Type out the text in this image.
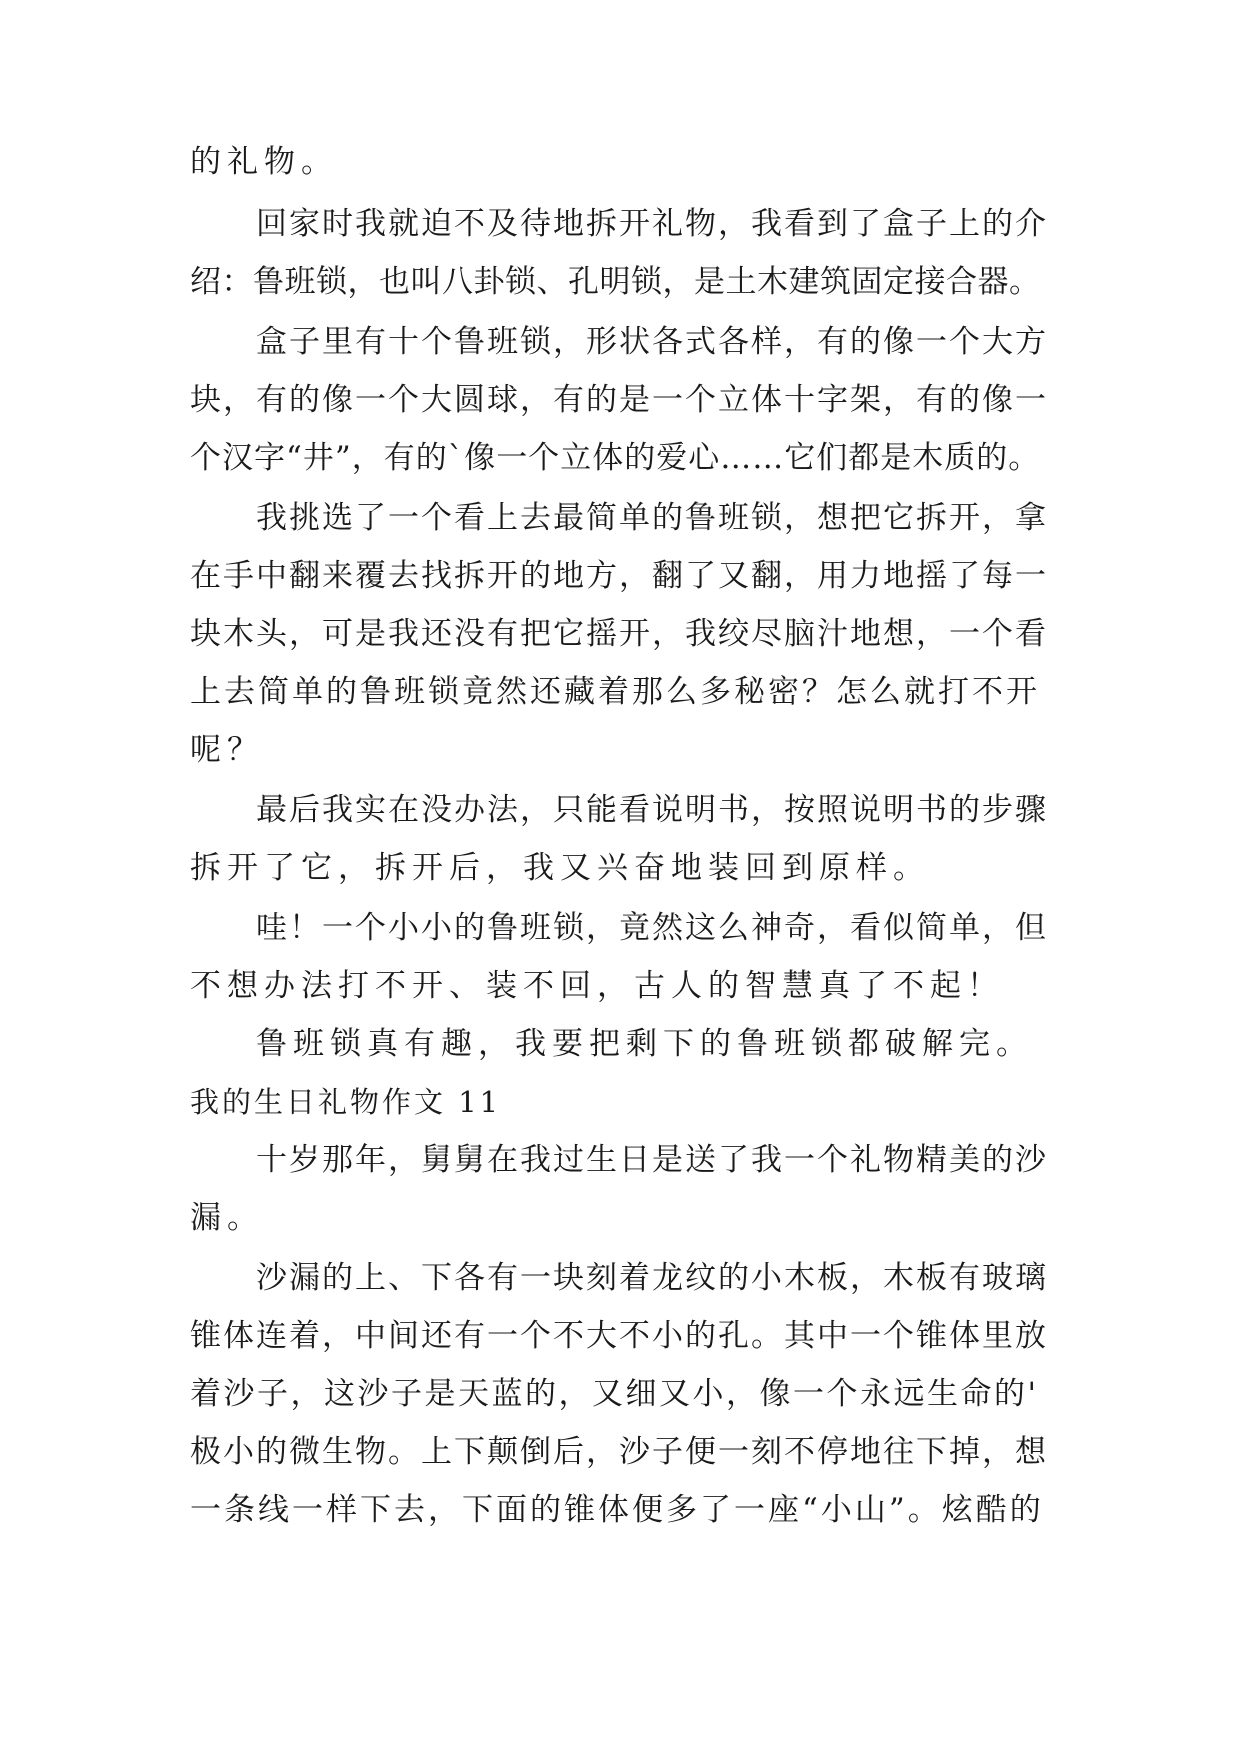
的礼物。
回家时我就迫不及待地拆开礼物，我看到了盒子上的介
绍：鲁班锁，也叫八卦锁、孔明锁，是土木建筑固定接合器。
盒子里有十个鲁班锁，形状各式各样，有的像一个大方
块，有的像一个大圆球，有的是一个立体十字架，有的像一
个汉字“井”，有的`像一个立体的爱心……它们都是木质的。
我挑选了一个看上去最简单的鲁班锁，想把它拆开，拿
在手中翻来覆去找拆开的地方，翻了又翻，用力地摇了每一
块木头，可是我还没有把它摇开，我绞尽脑汁地想，一个看
上去简单的鲁班锁竟然还藏着那么多秘密？怎么就打不开
呢？
最后我实在没办法，只能看说明书，按照说明书的步骤
拆开了它，拆开后，我又兴奋地装回到原样。
哇！一个小小的鲁班锁，竟然这么神奇，看似简单，但
不想办法打不开、装不回，古人的智慧真了不起！
鲁班锁真有趣，我要把剩下的鲁班锁都破解完。
我的生日礼物作文 11
十岁那年，舅舅在我过生日是送了我一个礼物精美的沙
漏。
沙漏的上、下各有一块刻着龙纹的小木板，木板有玻璃
锥体连着，中间还有一个不大不小的孔。其中一个锥体里放
着沙子，这沙子是天蓝的，又细又小，像一个永远生命的'
极小的微生物。上下颠倒后，沙子便一刻不停地往下掉，想
一条线一样下去，下面的锥体便多了一座“小山”。炫酷的
